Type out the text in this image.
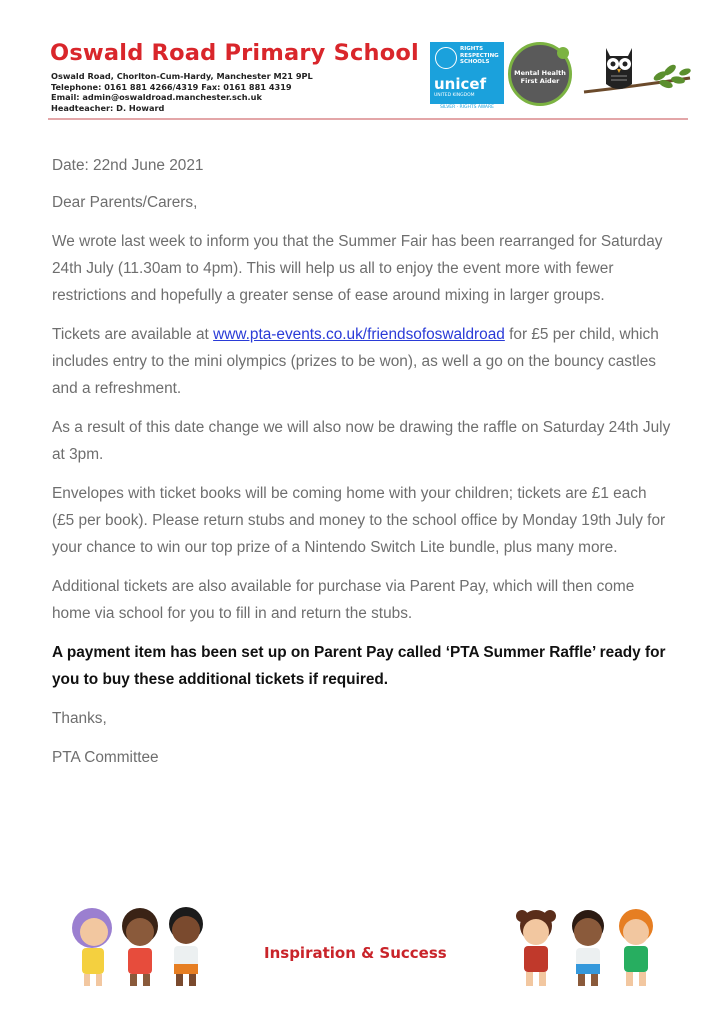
Oswald Road Primary School
Oswald Road, Chorlton-Cum-Hardy, Manchester M21 9PL
Telephone: 0161 881 4266/4319 Fax: 0161 881 4319
Email: admin@oswaldroad.manchester.sch.uk
Headteacher: D. Howard
RIGHTS
RESPECTING
SCHOOLS
unicef
UNITED KINGDOM
SILVER · RIGHTS AWARE
Mental Health
First Aider

Date: 22nd June 2021

Dear Parents/Carers,

We wrote last week to inform you that the Summer Fair has been rearranged for Saturday 24th July (11.30am to 4pm). This will help us all to enjoy the event more with fewer restrictions and hopefully a greater sense of ease around mixing in larger groups.

Tickets are available at www.pta-events.co.uk/friendsofoswaldroad for £5 per child, which includes entry to the mini olympics (prizes to be won), as well a go on the bouncy castles and a refreshment.

As a result of this date change we will also now be drawing the raffle on Saturday 24th July at 3pm.

Envelopes with ticket books will be coming home with your children; tickets are £1 each (£5 per book). Please return stubs and money to the school office by Monday 19th July for your chance to win our top prize of a Nintendo Switch Lite bundle, plus many more.

Additional tickets are also available for purchase via Parent Pay, which will then come home via school for you to fill in and return the stubs.

A payment item has been set up on Parent Pay called ‘PTA Summer Raffle’ ready for you to buy these additional tickets if required.

Thanks,

PTA Committee

Inspiration & Success
